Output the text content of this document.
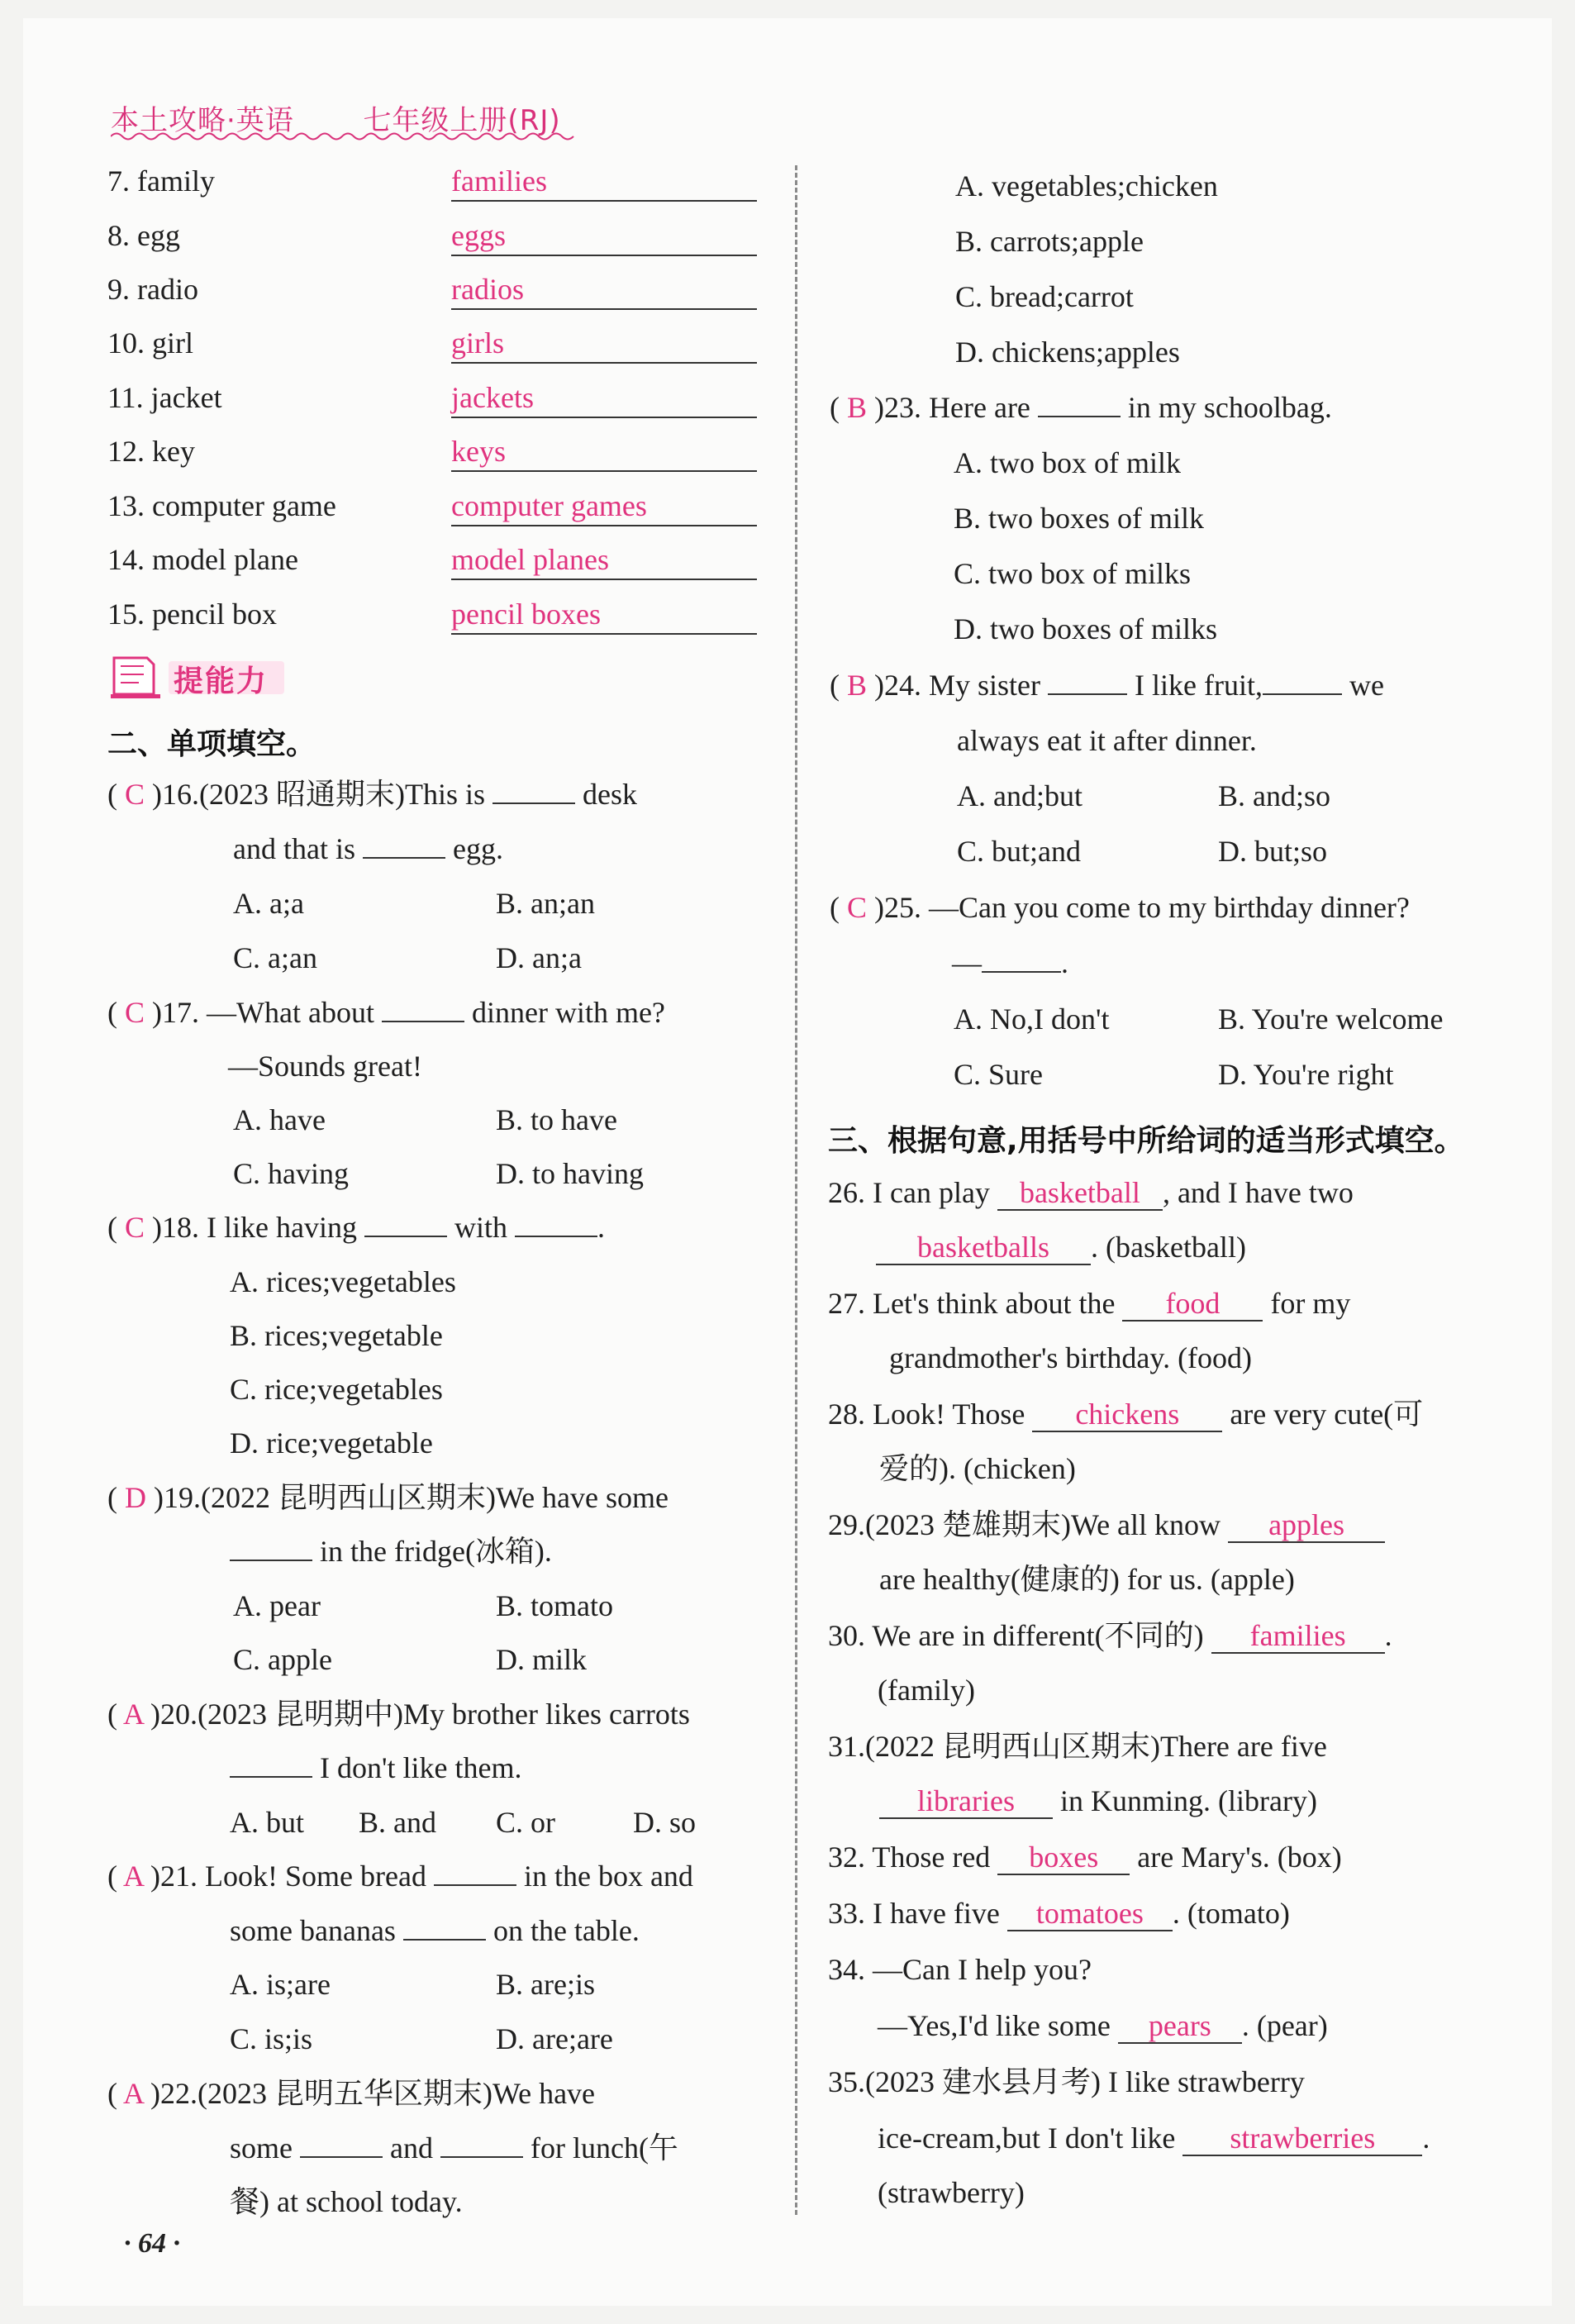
本土攻略·英语 七年级上册(RJ)
7. family	families
8. egg	eggs
9. radio	radios
10. girl	girls
11. jacket	jackets
12. key	keys
13. computer game	computer games
14. model plane	model planes
15. pencil box	pencil boxes
提能力
二、单项填空。
( C )16.(2023 昭通期末)This is	desk
and that is	egg.
A. a;a	B. an;an
C. a;an	D. an;a
( C )17. —What about	dinner with me?
—Sounds great!
A. have	B. to have
C. having	D. to having
( C )18. I like having	with	.
A. rices;vegetables
B. rices;vegetable
C. rice;vegetables
D. rice;vegetable
( D )19.(2022 昆明西山区期末)We have some
in the fridge(冰箱).
A. pear	B. tomato
C. apple	D. milk
( A )20.(2023 昆明期中)My brother likes carrots
I don't like them.
A. but B. and C. or	D. so
( A )21. Look! Some bread	in the box and
some bananas	on the table.
A. is;are	B. are;is
C. is;is	D. are;are
( A )22.(2023 昆明五华区期末)We have
some	and	for lunch(午
餐) at school today.
A. vegetables;chicken
B. carrots;apple
C. bread;carrot
D. chickens;apples
( B )23. Here are	in my schoolbag.
A. two box of milk
B. two boxes of milk
C. two box of milks
D. two boxes of milks
( B )24. My sister	I like fruit,	we
always eat it after dinner.
A. and;but	B. and;so
C. but;and	D. but;so
( C )25. —Can you come to my birthday dinner?
—	.
A. No,I don't	B. You're welcome
C. Sure	D. You're right
三、根据句意,用括号中所给词的适当形式填空。
26. I can play basketball , and I have two
basketballs . (basketball)
27. Let's think about the food for my
grandmother's birthday. (food)
28. Look! Those chickens are very cute(可
爱的). (chicken)
29.(2023 楚雄期末)We all know apples
are healthy(健康的) for us. (apple)
30. We are in different(不同的) families .
(family)
31.(2022 昆明西山区期末)There are five
libraries in Kunming. (library)
32. Those red boxes are Mary's. (box)
33. I have five tomatoes . (tomato)
34. —Can I help you?
—Yes,I'd like some pears . (pear)
35.(2023 建水县月考) I like strawberry
ice-cream,but I don't like strawberries .
(strawberry)
· 64 ·
